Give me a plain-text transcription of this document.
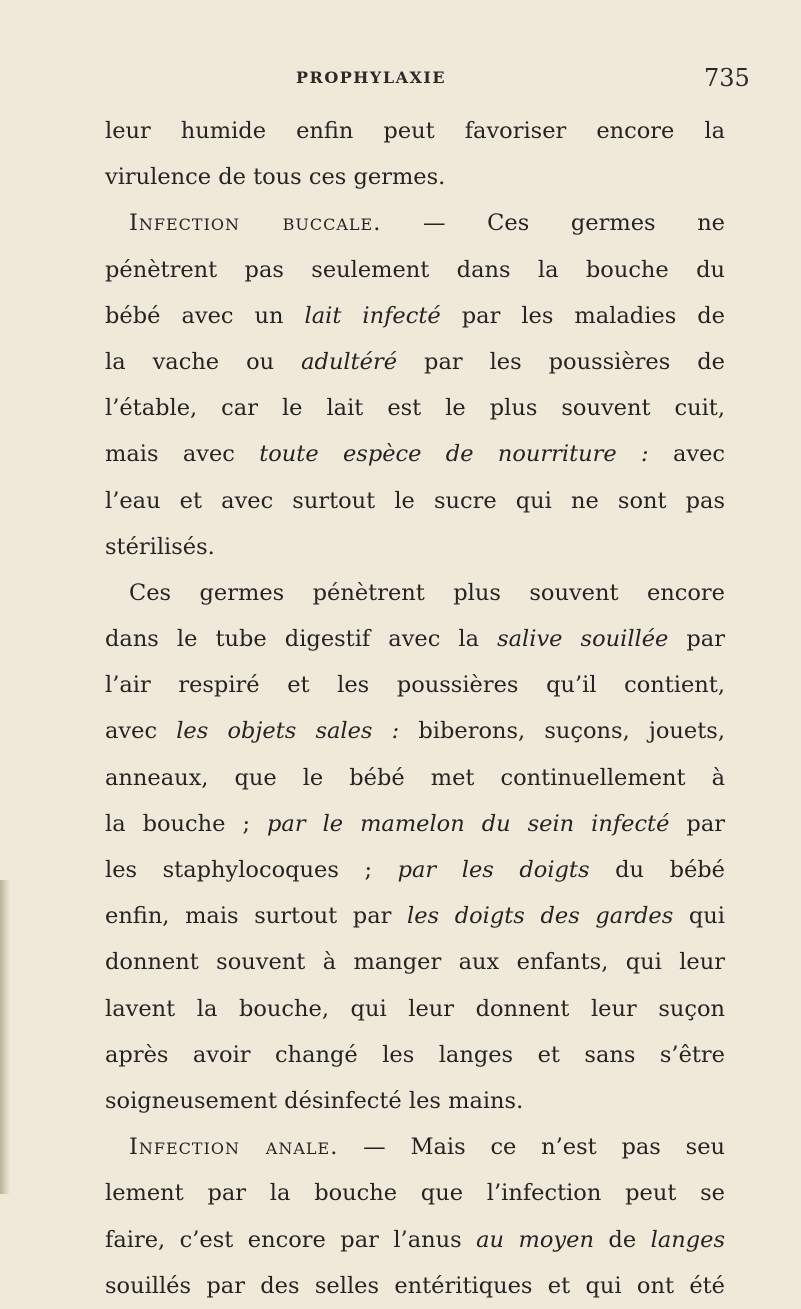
PROPHYLAXIE	735
leur humide enfin peut favoriser encore la
virulence de tous ces germes.
Infection buccale. — Ces germes ne
pénètrent pas seulement dans la bouche du
bébé avec un lait infecté par les maladies de
la vache ou adultéré par les poussières de
l’étable, car le lait est le plus souvent cuit,
mais avec toute espèce de nourriture : avec
l’eau et avec surtout le sucre qui ne sont pas
stérilisés.
Ces germes pénètrent plus souvent encore
dans le tube digestif avec la salive souillée par
l’air respiré et les poussières qu’il contient,
avec les objets sales : biberons, suçons, jouets,
anneaux, que le bébé met continuellement à
la bouche ; par le mamelon du sein infecté par
les staphylocoques ; par les doigts du bébé
enfin, mais surtout par les doigts des gardes qui
donnent souvent à manger aux enfants, qui leur
lavent la bouche, qui leur donnent leur suçon
après avoir changé les langes et sans s’être
soigneusement désinfecté les mains.
Infection anale. — Mais ce n’est pas seu
lement par la bouche que l’infection peut se
faire, c’est encore par l’anus au moyen de langes
souillés par des selles entéritiques et qui ont été
